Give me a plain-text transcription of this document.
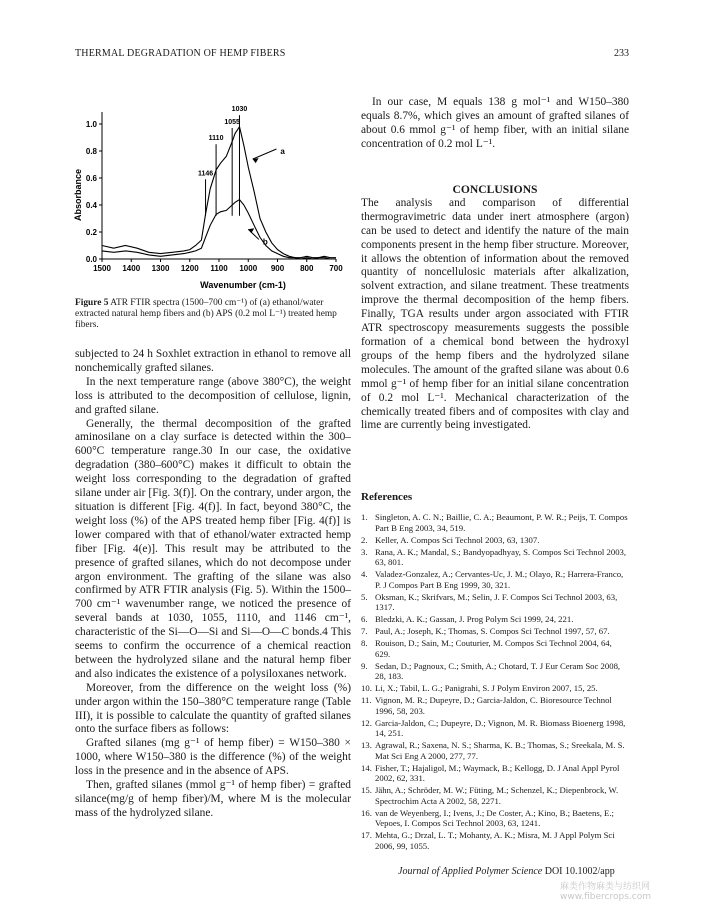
THERMAL DEGRADATION OF HEMP FIBERS	233
1500 1400 1300 1200 1100 1000 900 800 700
0.0
0.2
0.4
0.6
0.8
1.0
a
b
1030
1055
1110
1146
Absorbance
Wavenumber (cm-1)
Figure 5 ATR FTIR spectra (1500–700 cm⁻¹) of (a) ethanol/water extracted natural hemp fibers and (b) APS (0.2 mol L⁻¹) treated hemp fibers.

subjected to 24 h Soxhlet extraction in ethanol to remove all nonchemically grafted silanes.

In the next temperature range (above 380°C), the weight loss is attributed to the decomposition of cellulose, lignin, and grafted silane.

Generally, the thermal decomposition of the grafted aminosilane on a clay surface is detected within the 300–600°C temperature range.30 In our case, the oxidative degradation (380–600°C) makes it difficult to obtain the weight loss corresponding to the degradation of grafted silane under air [Fig. 3(f)]. On the contrary, under argon, the situation is different [Fig. 4(f)]. In fact, beyond 380°C, the weight loss (%) of the APS treated hemp fiber [Fig. 4(f)] is lower compared with that of ethanol/water extracted hemp fiber [Fig. 4(e)]. This result may be attributed to the presence of grafted silanes, which do not decompose under argon environment. The grafting of the silane was also confirmed by ATR FTIR analysis (Fig. 5). Within the 1500–700 cm⁻¹ wavenumber range, we noticed the presence of several bands at 1030, 1055, 1110, and 1146 cm⁻¹, characteristic of the Si—O—Si and Si—O—C bonds.4 This seems to confirm the occurrence of a chemical reaction between the hydrolyzed silane and the natural hemp fiber and also indicates the existence of a polysiloxanes network.

Moreover, from the difference on the weight loss (%) under argon within the 150–380°C temperature range (Table III), it is possible to calculate the quantity of grafted silanes onto the surface fibers as follows:

Grafted silanes (mg g⁻¹ of hemp fiber) = W150–380 × 1000, where W150–380 is the difference (%) of the weight loss in the presence and in the absence of APS.

Then, grafted silanes (mmol g⁻¹ of hemp fiber) = grafted silance(mg/g of hemp fiber)/M, where M is the molecular mass of the hydrolyzed silane.

In our case, M equals 138 g mol⁻¹ and W150–380 equals 8.7%, which gives an amount of grafted silanes of about 0.6 mmol g⁻¹ of hemp fiber, with an initial silane concentration of 0.2 mol L⁻¹.

CONCLUSIONS

The analysis and comparison of differential thermogravimetric data under inert atmosphere (argon) can be used to detect and identify the nature of the main components present in the hemp fiber structure. Moreover, it allows the obtention of information about the removed quantity of noncellulosic materials after alkalization, solvent extraction, and silane treatment. These treatments improve the thermal decomposition of the hemp fibers. Finally, TGA results under argon associated with FTIR ATR spectroscopy measurements suggests the possible formation of a chemical bond between the hydroxyl groups of the hemp fibers and the hydrolyzed silane molecules. The amount of the grafted silane was about 0.6 mmol g⁻¹ of hemp fiber for an initial silane concentration of 0.2 mol L⁻¹. Mechanical characterization of the chemically treated fibers and of composites with clay and lime are currently being investigated.

References
1. Singleton, A. C. N.; Baillie, C. A.; Beaumont, P. W. R.; Peijs, T. Compos Part B Eng 2003, 34, 519.
2. Keller, A. Compos Sci Technol 2003, 63, 1307.
3. Rana, A. K.; Mandal, S.; Bandyopadhyay, S. Compos Sci Technol 2003, 63, 801.
4. Valadez-Gonzalez, A.; Cervantes-Uc, J. M.; Olayo, R.; Harrera-Franco, P. J Compos Part B Eng 1999, 30, 321.
5. Oksman, K.; Skrifvars, M.; Selin, J. F. Compos Sci Technol 2003, 63, 1317.
6. Bledzki, A. K.; Gassan, J. Prog Polym Sci 1999, 24, 221.
7. Paul, A.; Joseph, K.; Thomas, S. Compos Sci Technol 1997, 57, 67.
8. Rouison, D.; Sain, M.; Couturier, M. Compos Sci Technol 2004, 64, 629.
9. Sedan, D.; Pagnoux, C.; Smith, A.; Chotard, T. J Eur Ceram Soc 2008, 28, 183.
10. Li, X.; Tabil, L. G.; Panigrahi, S. J Polym Environ 2007, 15, 25.
11. Vignon, M. R.; Dupeyre, D.; Garcia-Jaldon, C. Bioresource Technol 1996, 58, 203.
12. Garcia-Jaldon, C.; Dupeyre, D.; Vignon, M. R. Biomass Bioenerg 1998, 14, 251.
13. Agrawal, R.; Saxena, N. S.; Sharma, K. B.; Thomas, S.; Sreekala, M. S. Mat Sci Eng A 2000, 277, 77.
14. Fisher, T.; Hajaligol, M.; Waymack, B.; Kellogg, D. J Anal Appl Pyrol 2002, 62, 331.
15. Jähn, A.; Schröder, M. W.; Füting, M.; Schenzel, K.; Diepenbrock, W. Spectrochim Acta A 2002, 58, 2271.
16. van de Weyenberg, I.; Ivens, J.; De Coster, A.; Kino, B.; Baetens, E.; Vepoes, I. Compos Sci Technol 2003, 63, 1241.
17. Mehta, G.; Drzal, L. T.; Mohanty, A. K.; Misra, M. J Appl Polym Sci 2006, 99, 1055.
Journal of Applied Polymer Science DOI 10.1002/app
麻类作物麻类与纺织网 www.fibercrops.com
